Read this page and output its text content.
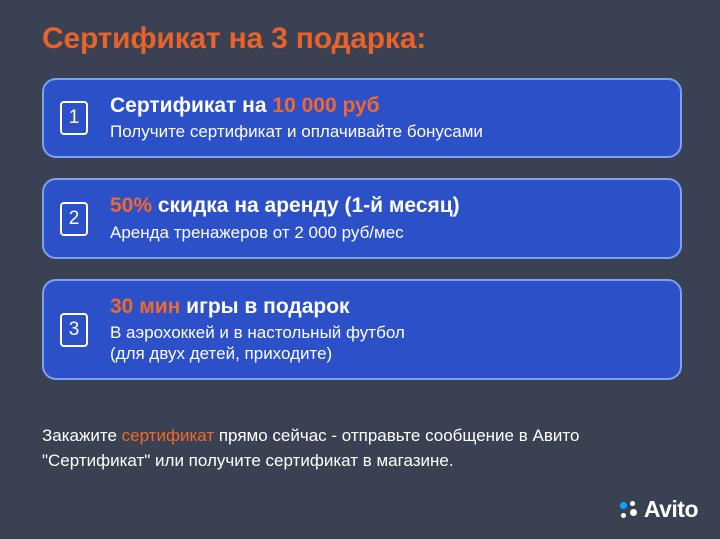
Сертификат на 3 подарка:
1
Сертификат на 10 000 руб
Получите сертификат и оплачивайте бонусами
2
50% скидка на аренду (1-й месяц)
Аренда тренажеров от 2 000 руб/мес
3
30 мин игры в подарок
В аэрохоккей и в настольный футбол
(для двух детей, приходите)
Закажите сертификат прямо сейчас - отправьте сообщение в Авито "Сертификат" или получите сертификат в магазине.
Avito
